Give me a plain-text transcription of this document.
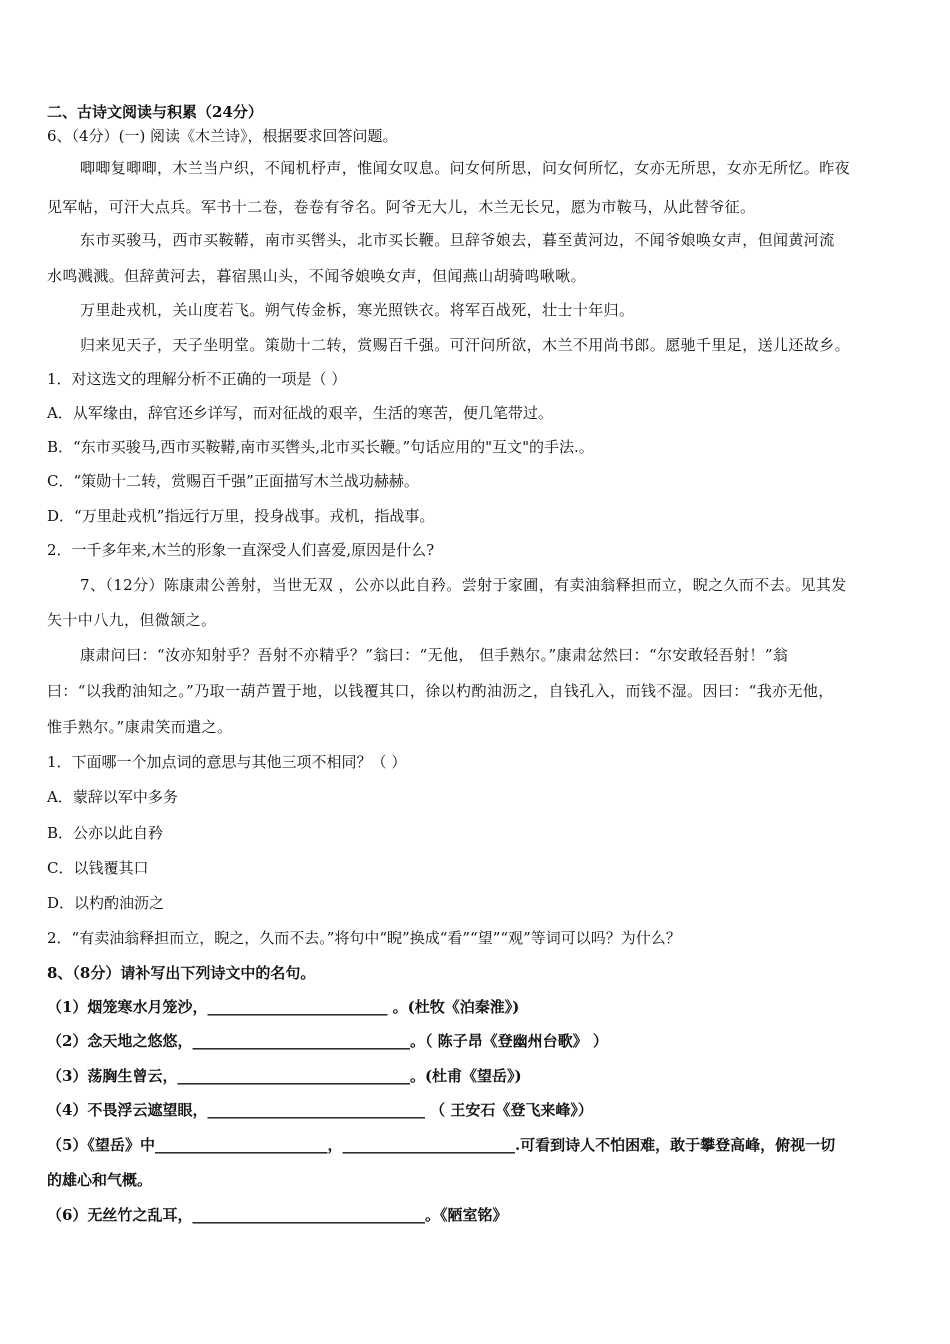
二、古诗文阅读与积累（24分）
6、（4分）(一) 阅读《木兰诗》，根据要求回答问题。
唧唧复唧唧，木兰当户织，不闻机杼声，惟闻女叹息。问女何所思，问女何所忆，女亦无所思，女亦无所忆。昨夜
见军帖，可汗大点兵。军书十二卷，卷卷有爷名。阿爷无大儿，木兰无长兄，愿为市鞍马，从此替爷征。
东市买骏马，西市买鞍鞯，南市买辔头，北市买长鞭。旦辞爷娘去，暮至黄河边，不闻爷娘唤女声，但闻黄河流
水鸣溅溅。但辞黄河去，暮宿黑山头，不闻爷娘唤女声，但闻燕山胡骑鸣啾啾。
万里赴戎机，关山度若飞。朔气传金柝，寒光照铁衣。将军百战死，壮士十年归。
归来见天子，天子坐明堂。策勋十二转，赏赐百千强。可汗问所欲，木兰不用尚书郎。愿驰千里足，送儿还故乡。
1．对这选文的理解分析不正确的一项是（ ）
A．从军缘由，辞官还乡详写，而对征战的艰辛，生活的寒苦，便几笔带过。
B．“东市买骏马,西市买鞍鞯,南市买辔头,北市买长鞭。”句话应用的"互文"的手法.。
C．“策勋十二转，赏赐百千强”正面描写木兰战功赫赫。
D．“万里赴戎机”指远行万里，投身战事。戎机，指战事。
2．一千多年来,木兰的形象一直深受人们喜爱,原因是什么?
7、（12分）陈康肃公善射，当世无双 ，公亦以此自矜。尝射于家圃，有卖油翁释担而立，睨之久而不去。见其发
矢十中八九，但微颔之。
康肃问曰：“汝亦知射乎？吾射不亦精乎？”翁曰：“无他， 但手熟尔。”康肃忿然曰：“尔安敢轻吾射！”翁
曰：“以我酌油知之。”乃取一葫芦置于地，以钱覆其口，徐以杓酌油沥之，自钱孔入，而钱不湿。因曰：“我亦无他，
惟手熟尔。”康肃笑而遣之。
1．下面哪一个加点词的意思与其他三项不相同？（ ）
A．蒙辞以军中多务
B．公亦以此自矜
C．以钱覆其口
D．以杓酌油沥之
2．“有卖油翁释担而立，睨之，久而不去。”将句中“睨”换成“看”“望”“观”等词可以吗？为什么？
8、（8分）请补写出下列诗文中的名句。
（1）烟笼寒水月笼沙，________________________ 。(杜牧《泊秦淮》)
（2）念天地之悠悠，_____________________________。（ 陈子昂《登幽州台歌》 ）
（3）荡胸生曾云，_______________________________。(杜甫《望岳》)
（4）不畏浮云遮望眼，_____________________________ （ 王安石《登飞来峰》）
（5）《望岳》中_______________________，_______________________.可看到诗人不怕困难，敢于攀登高峰，俯视一切
的雄心和气概。
（6）无丝竹之乱耳，_______________________________。《陋室铭》
